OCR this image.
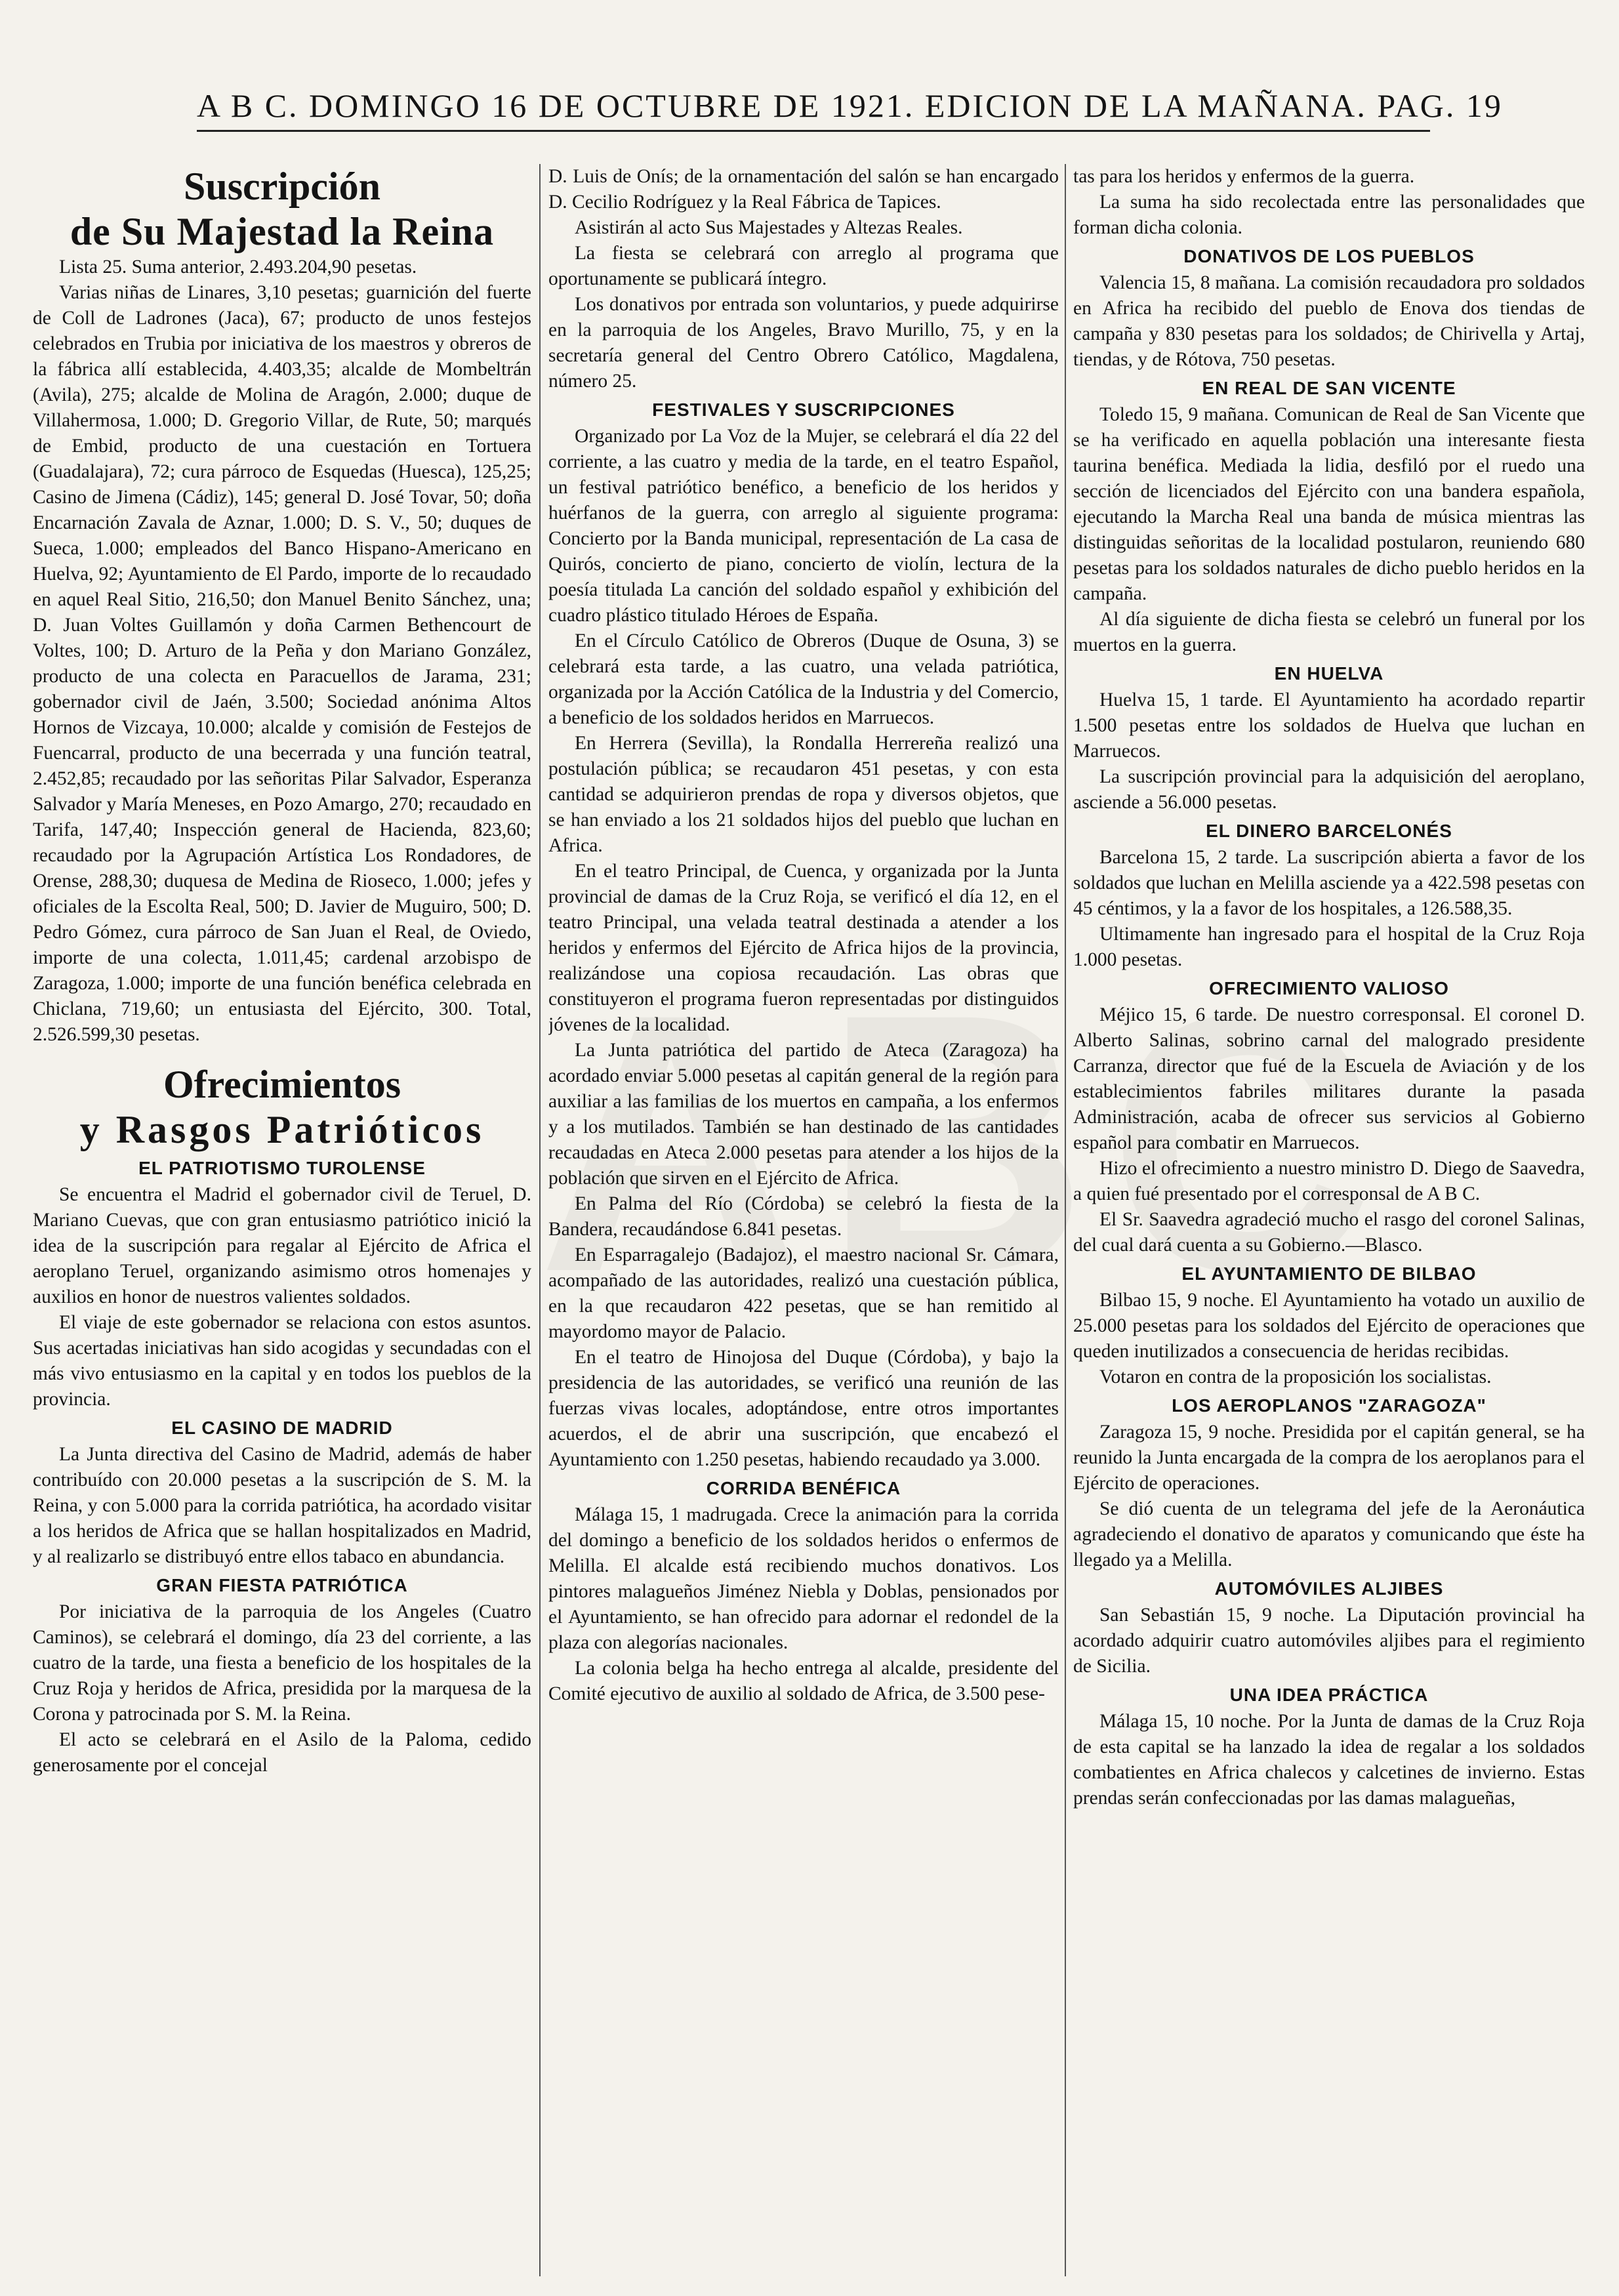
A B C. DOMINGO 16 DE OCTUBRE DE 1921. EDICION DE LA MAÑANA. PAG. 19
Suscripción
de Su Majestad la Reina

Lista 25. Suma anterior, 2.493.204,90 pesetas.

Varias niñas de Linares, 3,10 pesetas; guarnición del fuerte de Coll de Ladrones (Jaca), 67; producto de unos festejos celebrados en Trubia por iniciativa de los maestros y obreros de la fábrica allí establecida, 4.403,35; alcalde de Mombeltrán (Avila), 275; alcalde de Molina de Aragón, 2.000; duque de Villahermosa, 1.000; D. Gregorio Villar, de Rute, 50; marqués de Embid, producto de una cuestación en Tortuera (Guadalajara), 72; cura párroco de Esquedas (Huesca), 125,25; Casino de Jimena (Cádiz), 145; general D. José Tovar, 50; doña Encarnación Zavala de Aznar, 1.000; D. S. V., 50; duques de Sueca, 1.000; empleados del Banco Hispano-Americano en Huelva, 92; Ayuntamiento de El Pardo, importe de lo recaudado en aquel Real Sitio, 216,50; don Manuel Benito Sánchez, una; D. Juan Voltes Guillamón y doña Carmen Bethencourt de Voltes, 100; D. Arturo de la Peña y don Mariano González, producto de una colecta en Paracuellos de Jarama, 231; gobernador civil de Jaén, 3.500; Sociedad anónima Altos Hornos de Vizcaya, 10.000; alcalde y comisión de Festejos de Fuencarral, producto de una becerrada y una función teatral, 2.452,85; recaudado por las señoritas Pilar Salvador, Esperanza Salvador y María Meneses, en Pozo Amargo, 270; recaudado en Tarifa, 147,40; Inspección general de Hacienda, 823,60; recaudado por la Agrupación Artística Los Rondadores, de Orense, 288,30; duquesa de Medina de Rioseco, 1.000; jefes y oficiales de la Escolta Real, 500; D. Javier de Muguiro, 500; D. Pedro Gómez, cura párroco de San Juan el Real, de Oviedo, importe de una colecta, 1.011,45; cardenal arzobispo de Zaragoza, 1.000; importe de una función benéfica celebrada en Chiclana, 719,60; un entusiasta del Ejército, 300. Total, 2.526.599,30 pesetas.

Ofrecimientos
y Rasgos Patrióticos
EL PATRIOTISMO TUROLENSE

Se encuentra el Madrid el gobernador civil de Teruel, D. Mariano Cuevas, que con gran entusiasmo patriótico inició la idea de la suscripción para regalar al Ejército de Africa el aeroplano Teruel, organizando asimismo otros homenajes y auxilios en honor de nuestros valientes soldados.

El viaje de este gobernador se relaciona con estos asuntos. Sus acertadas iniciativas han sido acogidas y secundadas con el más vivo entusiasmo en la capital y en todos los pueblos de la provincia.

EL CASINO DE MADRID

La Junta directiva del Casino de Madrid, además de haber contribuído con 20.000 pesetas a la suscripción de S. M. la Reina, y con 5.000 para la corrida patriótica, ha acordado visitar a los heridos de Africa que se hallan hospitalizados en Madrid, y al realizarlo se distribuyó entre ellos tabaco en abundancia.

GRAN FIESTA PATRIÓTICA

Por iniciativa de la parroquia de los Angeles (Cuatro Caminos), se celebrará el domingo, día 23 del corriente, a las cuatro de la tarde, una fiesta a beneficio de los hospitales de la Cruz Roja y heridos de Africa, presidida por la marquesa de la Corona y patrocinada por S. M. la Reina.

El acto se celebrará en el Asilo de la Paloma, cedido generosamente por el concejal

D. Luis de Onís; de la ornamentación del salón se han encargado D. Cecilio Rodríguez y la Real Fábrica de Tapices.

Asistirán al acto Sus Majestades y Altezas Reales.

La fiesta se celebrará con arreglo al programa que oportunamente se publicará íntegro.

Los donativos por entrada son voluntarios, y puede adquirirse en la parroquia de los Angeles, Bravo Murillo, 75, y en la secretaría general del Centro Obrero Católico, Magdalena, número 25.

FESTIVALES Y SUSCRIPCIONES

Organizado por La Voz de la Mujer, se celebrará el día 22 del corriente, a las cuatro y media de la tarde, en el teatro Español, un festival patriótico benéfico, a beneficio de los heridos y huérfanos de la guerra, con arreglo al siguiente programa: Concierto por la Banda municipal, representación de La casa de Quirós, concierto de piano, concierto de violín, lectura de la poesía titulada La canción del soldado español y exhibición del cuadro plástico titulado Héroes de España.

En el Círculo Católico de Obreros (Duque de Osuna, 3) se celebrará esta tarde, a las cuatro, una velada patriótica, organizada por la Acción Católica de la Industria y del Comercio, a beneficio de los soldados heridos en Marruecos.

En Herrera (Sevilla), la Rondalla Herrereña realizó una postulación pública; se recaudaron 451 pesetas, y con esta cantidad se adquirieron prendas de ropa y diversos objetos, que se han enviado a los 21 soldados hijos del pueblo que luchan en Africa.

En el teatro Principal, de Cuenca, y organizada por la Junta provincial de damas de la Cruz Roja, se verificó el día 12, en el teatro Principal, una velada teatral destinada a atender a los heridos y enfermos del Ejército de Africa hijos de la provincia, realizándose una copiosa recaudación. Las obras que constituyeron el programa fueron representadas por distinguidos jóvenes de la localidad.

La Junta patriótica del partido de Ateca (Zaragoza) ha acordado enviar 5.000 pesetas al capitán general de la región para auxiliar a las familias de los muertos en campaña, a los enfermos y a los mutilados. También se han destinado de las cantidades recaudadas en Ateca 2.000 pesetas para atender a los hijos de la población que sirven en el Ejército de Africa.

En Palma del Río (Córdoba) se celebró la fiesta de la Bandera, recaudándose 6.841 pesetas.

En Esparragalejo (Badajoz), el maestro nacional Sr. Cámara, acompañado de las autoridades, realizó una cuestación pública, en la que recaudaron 422 pesetas, que se han remitido al mayordomo mayor de Palacio.

En el teatro de Hinojosa del Duque (Córdoba), y bajo la presidencia de las autoridades, se verificó una reunión de las fuerzas vivas locales, adoptándose, entre otros importantes acuerdos, el de abrir una suscripción, que encabezó el Ayuntamiento con 1.250 pesetas, habiendo recaudado ya 3.000.

CORRIDA BENÉFICA

Málaga 15, 1 madrugada. Crece la animación para la corrida del domingo a beneficio de los soldados heridos o enfermos de Melilla. El alcalde está recibiendo muchos donativos. Los pintores malagueños Jiménez Niebla y Doblas, pensionados por el Ayuntamiento, se han ofrecido para adornar el redondel de la plaza con alegorías nacionales.

La colonia belga ha hecho entrega al alcalde, presidente del Comité ejecutivo de auxilio al soldado de Africa, de 3.500 pese-

tas para los heridos y enfermos de la guerra.

La suma ha sido recolectada entre las personalidades que forman dicha colonia.

DONATIVOS DE LOS PUEBLOS

Valencia 15, 8 mañana. La comisión recaudadora pro soldados en Africa ha recibido del pueblo de Enova dos tiendas de campaña y 830 pesetas para los soldados; de Chirivella y Artaj, tiendas, y de Rótova, 750 pesetas.

EN REAL DE SAN VICENTE

Toledo 15, 9 mañana. Comunican de Real de San Vicente que se ha verificado en aquella población una interesante fiesta taurina benéfica. Mediada la lidia, desfiló por el ruedo una sección de licenciados del Ejército con una bandera española, ejecutando la Marcha Real una banda de música mientras las distinguidas señoritas de la localidad postularon, reuniendo 680 pesetas para los soldados naturales de dicho pueblo heridos en la campaña.

Al día siguiente de dicha fiesta se celebró un funeral por los muertos en la guerra.

EN HUELVA

Huelva 15, 1 tarde. El Ayuntamiento ha acordado repartir 1.500 pesetas entre los soldados de Huelva que luchan en Marruecos.

La suscripción provincial para la adquisición del aeroplano, asciende a 56.000 pesetas.

EL DINERO BARCELONÉS

Barcelona 15, 2 tarde. La suscripción abierta a favor de los soldados que luchan en Melilla asciende ya a 422.598 pesetas con 45 céntimos, y la a favor de los hospitales, a 126.588,35.

Ultimamente han ingresado para el hospital de la Cruz Roja 1.000 pesetas.

OFRECIMIENTO VALIOSO

Méjico 15, 6 tarde. De nuestro corresponsal. El coronel D. Alberto Salinas, sobrino carnal del malogrado presidente Carranza, director que fué de la Escuela de Aviación y de los establecimientos fabriles militares durante la pasada Administración, acaba de ofrecer sus servicios al Gobierno español para combatir en Marruecos.

Hizo el ofrecimiento a nuestro ministro D. Diego de Saavedra, a quien fué presentado por el corresponsal de A B C.

El Sr. Saavedra agradeció mucho el rasgo del coronel Salinas, del cual dará cuenta a su Gobierno.—Blasco.

EL AYUNTAMIENTO DE BILBAO

Bilbao 15, 9 noche. El Ayuntamiento ha votado un auxilio de 25.000 pesetas para los soldados del Ejército de operaciones que queden inutilizados a consecuencia de heridas recibidas.

Votaron en contra de la proposición los socialistas.

LOS AEROPLANOS "ZARAGOZA"

Zaragoza 15, 9 noche. Presidida por el capitán general, se ha reunido la Junta encargada de la compra de los aeroplanos para el Ejército de operaciones.

Se dió cuenta de un telegrama del jefe de la Aeronáutica agradeciendo el donativo de aparatos y comunicando que éste ha llegado ya a Melilla.

AUTOMÓVILES ALJIBES

San Sebastián 15, 9 noche. La Diputación provincial ha acordado adquirir cuatro automóviles aljibes para el regimiento de Sicilia.

UNA IDEA PRÁCTICA

Málaga 15, 10 noche. Por la Junta de damas de la Cruz Roja de esta capital se ha lanzado la idea de regalar a los soldados combatientes en Africa chalecos y calcetines de invierno. Estas prendas serán confeccionadas por las damas malagueñas,
